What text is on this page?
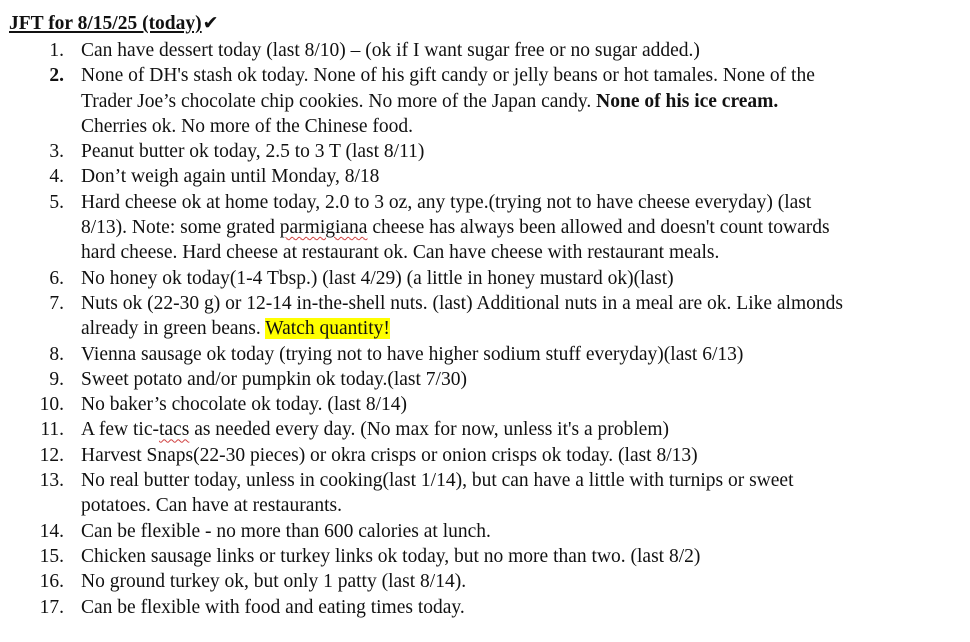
JFT for 8/15/25 (today)✔
1. Can have dessert today (last 8/10) – (ok if I want sugar free or no sugar added.)
2. None of DH's stash ok today. None of his gift candy or jelly beans or hot tamales. None of the
Trader Joe’s chocolate chip cookies. No more of the Japan candy. None of his ice cream.
Cherries ok. No more of the Chinese food.
3. Peanut butter ok today, 2.5 to 3 T (last 8/11)
4. Don’t weigh again until Monday, 8/18
5. Hard cheese ok at home today, 2.0 to 3 oz, any type.(trying not to have cheese everyday) (last
8/13). Note: some grated parmigiana cheese has always been allowed and doesn't count towards
hard cheese. Hard cheese at restaurant ok. Can have cheese with restaurant meals.
6. No honey ok today(1-4 Tbsp.) (last 4/29) (a little in honey mustard ok)(last)
7. Nuts ok (22-30 g) or 12-14 in-the-shell nuts. (last) Additional nuts in a meal are ok. Like almonds
already in green beans. Watch quantity!
8. Vienna sausage ok today (trying not to have higher sodium stuff everyday)(last 6/13)
9. Sweet potato and/or pumpkin ok today.(last 7/30)
10. No baker’s chocolate ok today. (last 8/14)
11. A few tic-tacs as needed every day. (No max for now, unless it's a problem)
12. Harvest Snaps(22-30 pieces) or okra crisps or onion crisps ok today. (last 8/13)
13. No real butter today, unless in cooking(last 1/14), but can have a little with turnips or sweet
potatoes. Can have at restaurants.
14. Can be flexible - no more than 600 calories at lunch.
15. Chicken sausage links or turkey links ok today, but no more than two. (last 8/2)
16. No ground turkey ok, but only 1 patty (last 8/14).
17. Can be flexible with food and eating times today.
